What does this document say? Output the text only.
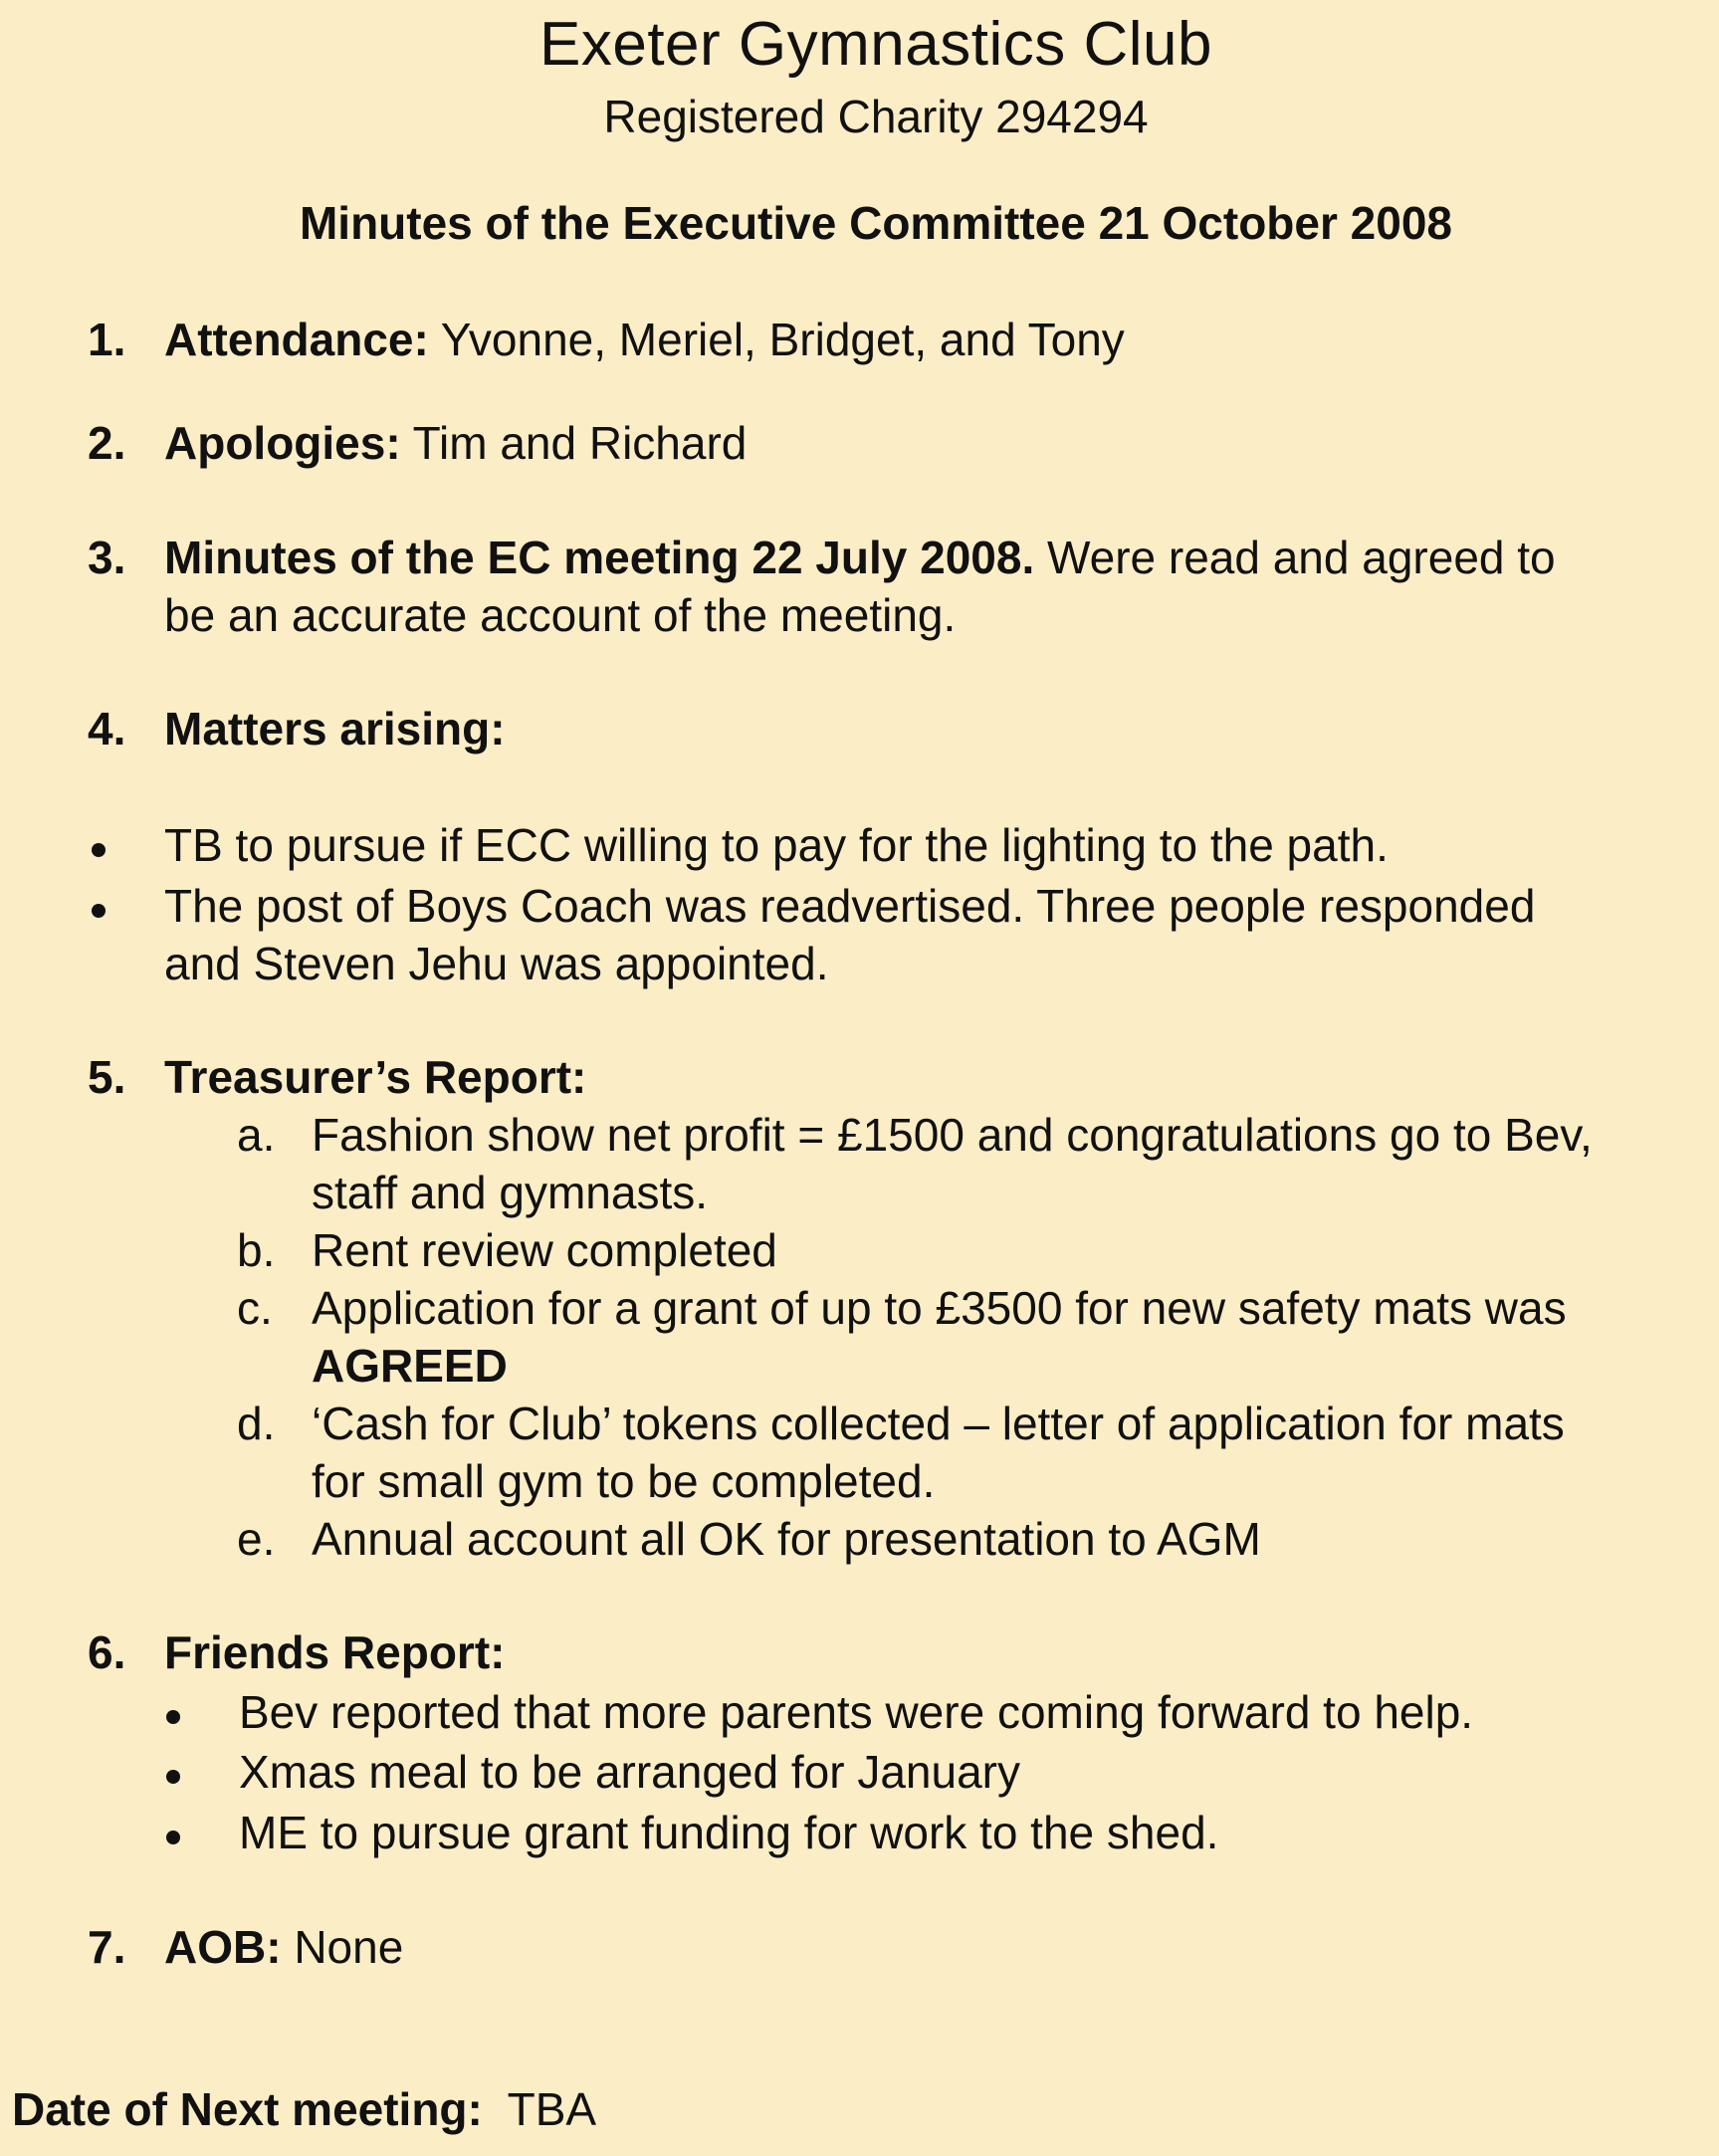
Exeter Gymnastics Club
Registered Charity 294294
Minutes of the Executive Committee 21 October 2008
1. Attendance: Yvonne, Meriel, Bridget, and Tony
2. Apologies: Tim and Richard
3. Minutes of the EC meeting 22 July 2008. Were read and agreed to
be an accurate account of the meeting.
4. Matters arising:
TB to pursue if ECC willing to pay for the lighting to the path.
The post of Boys Coach was readvertised. Three people responded
and Steven Jehu was appointed.
5. Treasurer’s Report:
a. Fashion show net profit = £1500 and congratulations go to Bev,
staff and gymnasts.
b. Rent review completed
c. Application for a grant of up to £3500 for new safety mats was
AGREED
d. ‘Cash for Club’ tokens collected – letter of application for mats
for small gym to be completed.
e. Annual account all OK for presentation to AGM
6. Friends Report:
Bev reported that more parents were coming forward to help.
Xmas meal to be arranged for January
ME to pursue grant funding for work to the shed.
7. AOB: None
Date of Next meeting:  TBA
